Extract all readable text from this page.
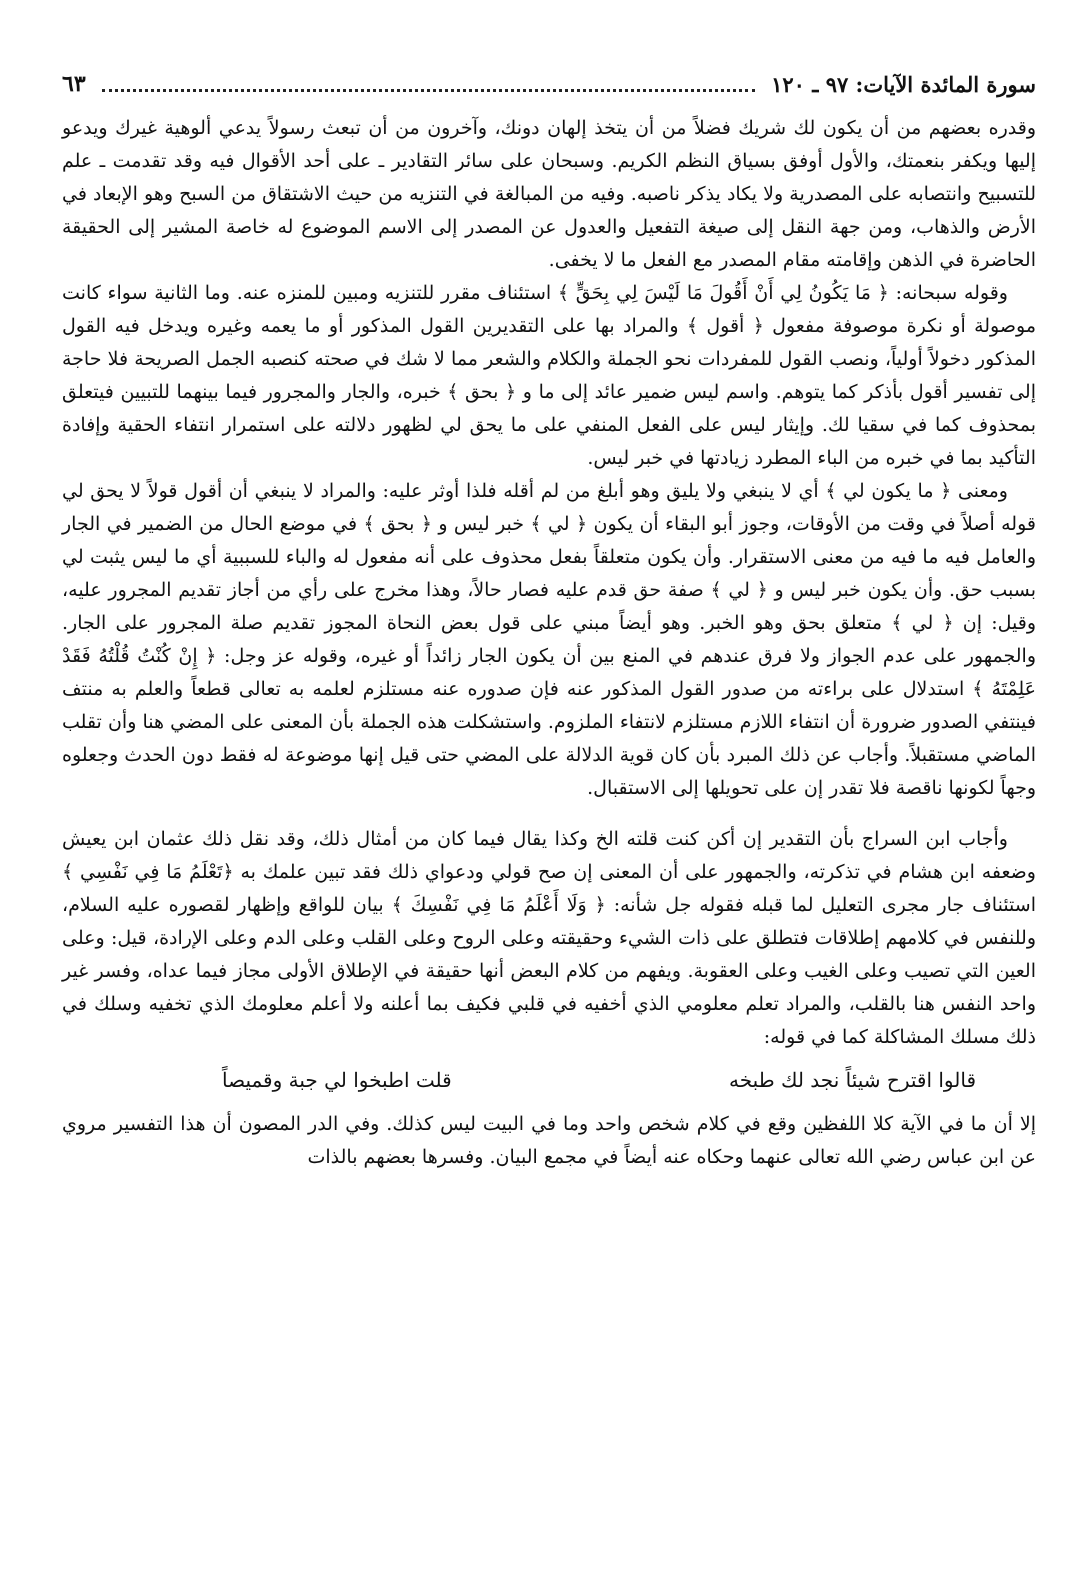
سورة المائدة الآيات: ٩٧ ـ ١٢٠
٦٣

وقدره بعضهم من أن يكون لك شريك فضلاً من أن يتخذ إلهان دونك، وآخرون من أن تبعث رسولاً يدعي ألوهية غيرك ويدعو إليها ويكفر بنعمتك، والأول أوفق بسياق النظم الكريم. وسبحان على سائر التقادير ـ على أحد الأقوال فيه وقد تقدمت ـ علم للتسبيح وانتصابه على المصدرية ولا يكاد يذكر ناصبه. وفيه من المبالغة في التنزيه من حيث الاشتقاق من السبح وهو الإبعاد في الأرض والذهاب، ومن جهة النقل إلى صيغة التفعيل والعدول عن المصدر إلى الاسم الموضوع له خاصة المشير إلى الحقيقة الحاضرة في الذهن وإقامته مقام المصدر مع الفعل ما لا يخفى.

وقوله سبحانه: ﴿ مَا يَكُونُ لِي أَنْ أَقُولَ مَا لَيْسَ لِي بِحَقٍّ ﴾ استئناف مقرر للتنزيه ومبين للمنزه عنه. وما الثانية سواء كانت موصولة أو نكرة موصوفة مفعول ﴿ أقول ﴾ والمراد بها على التقديرين القول المذكور أو ما يعمه وغيره ويدخل فيه القول المذكور دخولاً أولياً، ونصب القول للمفردات نحو الجملة والكلام والشعر مما لا شك في صحته كنصبه الجمل الصريحة فلا حاجة إلى تفسير أقول بأذكر كما يتوهم. واسم ليس ضمير عائد إلى ما و ﴿ بحق ﴾ خبره، والجار والمجرور فيما بينهما للتبيين فيتعلق بمحذوف كما في سقيا لك. وإيثار ليس على الفعل المنفي على ما يحق لي لظهور دلالته على استمرار انتفاء الحقية وإفادة التأكيد بما في خبره من الباء المطرد زيادتها في خبر ليس.

ومعنى ﴿ ما يكون لي ﴾ أي لا ينبغي ولا يليق وهو أبلغ من لم أقله فلذا أوثر عليه: والمراد لا ينبغي أن أقول قولاً لا يحق لي قوله أصلاً في وقت من الأوقات، وجوز أبو البقاء أن يكون ﴿ لي ﴾ خبر ليس و ﴿ بحق ﴾ في موضع الحال من الضمير في الجار والعامل فيه ما فيه من معنى الاستقرار. وأن يكون متعلقاً بفعل محذوف على أنه مفعول له والباء للسببية أي ما ليس يثبت لي بسبب حق. وأن يكون خبر ليس و ﴿ لي ﴾ صفة حق قدم عليه فصار حالاً، وهذا مخرج على رأي من أجاز تقديم المجرور عليه، وقيل: إن ﴿ لي ﴾ متعلق بحق وهو الخبر. وهو أيضاً مبني على قول بعض النحاة المجوز تقديم صلة المجرور على الجار. والجمهور على عدم الجواز ولا فرق عندهم في المنع بين أن يكون الجار زائداً أو غيره، وقوله عز وجل: ﴿ إِنْ كُنْتُ قُلْتُهُ فَقَدْ عَلِمْتَهُ ﴾ استدلال على براءته من صدور القول المذكور عنه فإن صدوره عنه مستلزم لعلمه به تعالى قطعاً والعلم به منتف فينتفي الصدور ضرورة أن انتفاء اللازم مستلزم لانتفاء الملزوم. واستشكلت هذه الجملة بأن المعنى على المضي هنا وأن تقلب الماضي مستقبلاً. وأجاب عن ذلك المبرد بأن كان قوية الدلالة على المضي حتى قيل إنها موضوعة له فقط دون الحدث وجعلوه وجهاً لكونها ناقصة فلا تقدر إن على تحويلها إلى الاستقبال.

وأجاب ابن السراج بأن التقدير إن أكن كنت قلته الخ وكذا يقال فيما كان من أمثال ذلك، وقد نقل ذلك عثمان ابن يعيش وضعفه ابن هشام في تذكرته، والجمهور على أن المعنى إن صح قولي ودعواي ذلك فقد تبين علمك به ﴿تَعْلَمُ مَا فِي نَفْسِي ﴾ استئناف جار مجرى التعليل لما قبله فقوله جل شأنه: ﴿ وَلَا أَعْلَمُ مَا فِي نَفْسِكَ ﴾ بيان للواقع وإظهار لقصوره عليه السلام، وللنفس في كلامهم إطلاقات فتطلق على ذات الشيء وحقيقته وعلى الروح وعلى القلب وعلى الدم وعلى الإرادة، قيل: وعلى العين التي تصيب وعلى الغيب وعلى العقوبة. ويفهم من كلام البعض أنها حقيقة في الإطلاق الأولى مجاز فيما عداه، وفسر غير واحد النفس هنا بالقلب، والمراد تعلم معلومي الذي أخفيه في قلبي فكيف بما أعلنه ولا أعلم معلومك الذي تخفيه وسلك في ذلك مسلك المشاكلة كما في قوله:

قالوا اقترح شيئاً نجد لك طبخه
قلت اطبخوا لي جبة وقميصاً

إلا أن ما في الآية كلا اللفظين وقع في كلام شخص واحد وما في البيت ليس كذلك. وفي الدر المصون أن هذا التفسير مروي عن ابن عباس رضي الله تعالى عنهما وحكاه عنه أيضاً في مجمع البيان. وفسرها بعضهم بالذات
